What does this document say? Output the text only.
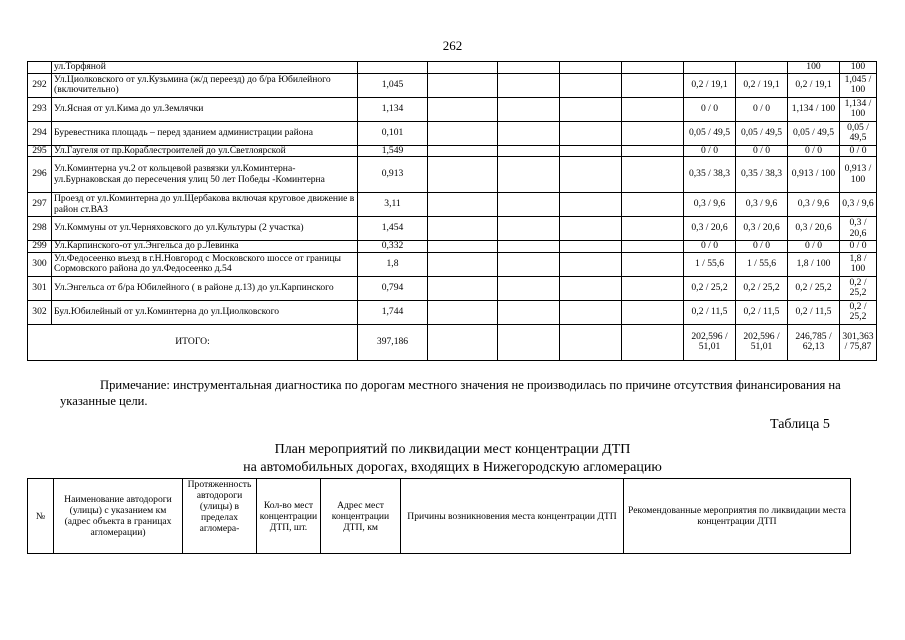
262
	ул.Торфяной								100	100
292	Ул.Циолковского от ул.Кузьмина (ж/д переезд) до б/ра Юбилейного (включительно)	1,045					0,2 / 19,1	0,2 / 19,1	0,2 / 19,1	1,045 / 100
293	Ул.Ясная от ул.Кима до ул.Землячки	1,134					0 / 0	0 / 0	1,134 / 100	1,134 / 100
294	Буревестника площадь – перед зданием администрации района	0,101					0,05 / 49,5	0,05 / 49,5	0,05 / 49,5	0,05 / 49,5
295	Ул.Гаугеля от пр.Кораблестроителей до ул.Светлоярской	1,549					0 / 0	0 / 0	0 / 0	0 / 0
296	Ул.Коминтерна уч.2 от кольцевой развязки ул.Коминтерна-ул.Бурнаковская до пересечения улиц 50 лет Победы -Коминтерна	0,913					0,35 / 38,3	0,35 / 38,3	0,913 / 100	0,913 / 100
297	Проезд от ул.Коминтерна до ул.Щербакова включая круговое движение в район ст.ВАЗ	3,11					0,3 / 9,6	0,3 / 9,6	0,3 / 9,6	0,3 / 9,6
298	Ул.Коммуны от ул.Черняховского до ул.Культуры (2 участка)	1,454					0,3 / 20,6	0,3 / 20,6	0,3 / 20,6	0,3 / 20,6
299	Ул.Карпинского-от ул.Энгельса до р.Левинка	0,332					0 / 0	0 / 0	0 / 0	0 / 0
300	Ул.Федосеенко въезд в г.Н.Новгород с Московского шоссе от границы Сормовского района до ул.Федосеенко д.54	1,8					1 / 55,6	1 / 55,6	1,8 / 100	1,8 / 100
301	Ул.Энгельса от б/ра Юбилейного ( в районе д.13) до ул.Карпинского	0,794					0,2 / 25,2	0,2 / 25,2	0,2 / 25,2	0,2 / 25,2
302	Бул.Юбилейный от ул.Коминтерна до ул.Циолковского	1,744					0,2 / 11,5	0,2 / 11,5	0,2 / 11,5	0,2 / 25,2
ИТОГО:		397,186					202,596 / 51,01	202,596 / 51,01	246,785 / 62,13	301,363 / 75,87
Примечание: инструментальная диагностика по дорогам местного значения не производилась по причине отсутствия финансирования на указанные цели.
Таблица 5
План мероприятий по ликвидации мест концентрации ДТП
на автомобильных дорогах, входящих в Нижегородскую агломерацию
№	Наименование автодороги (улицы) с указанием км (адрес объекта в границах агломерации)	Протяженность автодороги (улицы) в пределах агломера-	Кол-во мест концентрации ДТП, шт.	Адрес мест концентрации ДТП, км	Причины возникновения места концентрации ДТП	Рекомендованные мероприятия по ликвидации места концентрации ДТП
